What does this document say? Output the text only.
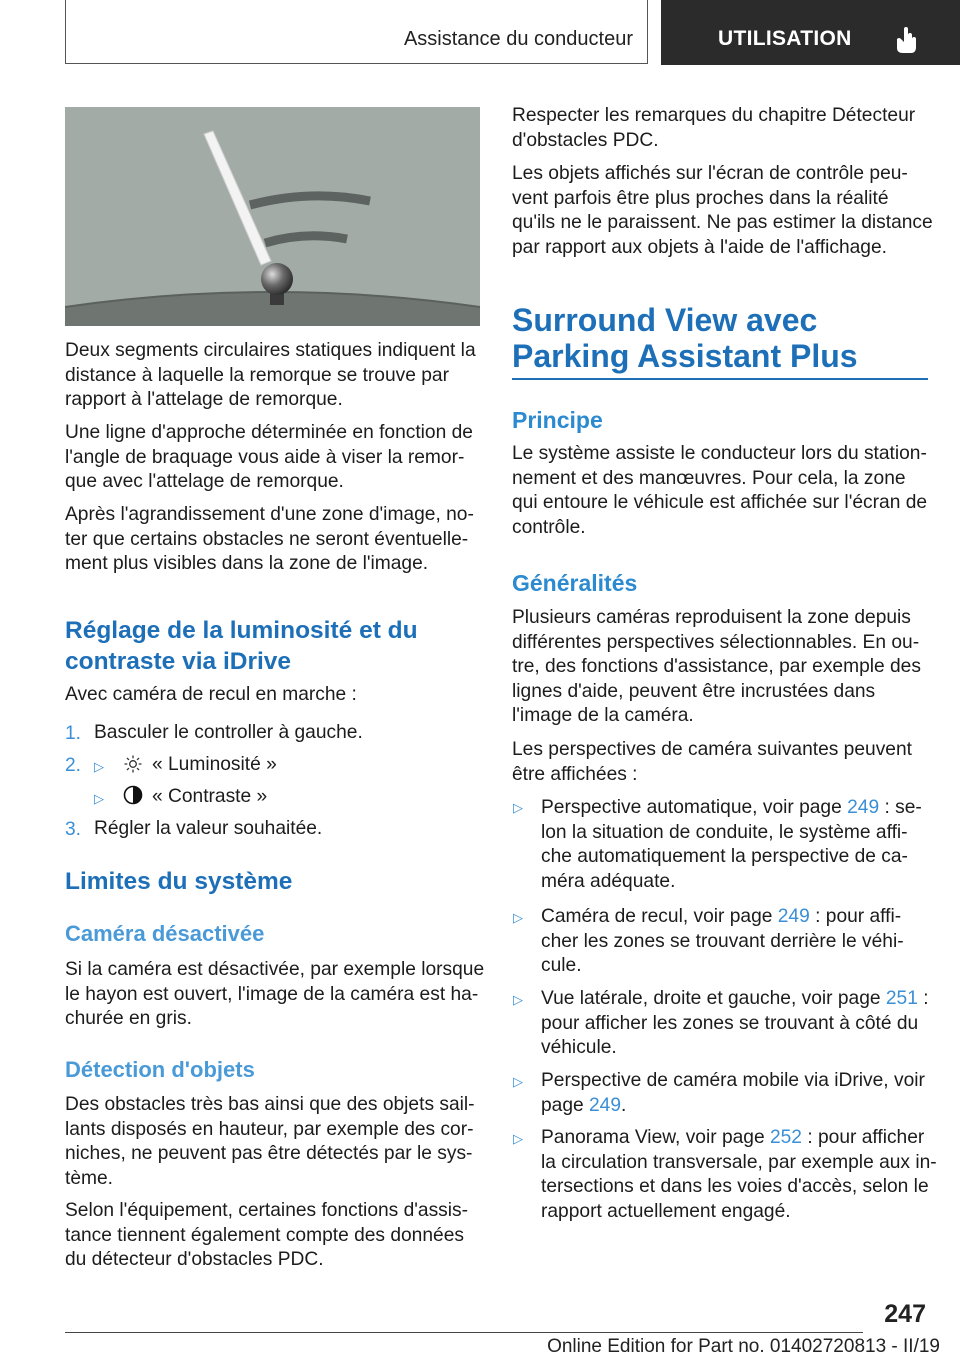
Assistance du conducteur	UTILISATION

Deux segments circulaires statiques indiquent la
distance à laquelle la remorque se trouve par
rapport à l'attelage de remorque.

Une ligne d'approche déterminée en fonction de
l'angle de braquage vous aide à viser la remor-
que avec l'attelage de remorque.

Après l'agrandissement d'une zone d'image, no-
ter que certains obstacles ne seront éventuelle-
ment plus visibles dans la zone de l'image.

Réglage de la luminosité et du
contraste via iDrive

Avec caméra de recul en marche :

1. Basculer le controller à gauche.
2. ▷	« Luminosité »
▷	« Contraste »
3. Régler la valeur souhaitée.
Limites du système
Caméra désactivée

Si la caméra est désactivée, par exemple lorsque
le hayon est ouvert, l'image de la caméra est ha-
churée en gris.

Détection d'objets

Des obstacles très bas ainsi que des objets sail-
lants disposés en hauteur, par exemple des cor-
niches, ne peuvent pas être détectés par le sys-
tème.

Selon l'équipement, certaines fonctions d'assis-
tance tiennent également compte des données
du détecteur d'obstacles PDC.

Respecter les remarques du chapitre Détecteur
d'obstacles PDC.

Les objets affichés sur l'écran de contrôle peu-
vent parfois être plus proches dans la réalité
qu'ils ne le paraissent. Ne pas estimer la distance
par rapport aux objets à l'aide de l'affichage.

Surround View avec
Parking Assistant Plus
Principe

Le système assiste le conducteur lors du station-
nement et des manœuvres. Pour cela, la zone
qui entoure le véhicule est affichée sur l'écran de
contrôle.

Généralités

Plusieurs caméras reproduisent la zone depuis
différentes perspectives sélectionnables. En ou-
tre, des fonctions d'assistance, par exemple des
lignes d'aide, peuvent être incrustées dans
l'image de la caméra.

Les perspectives de caméra suivantes peuvent
être affichées :

▷ Perspective automatique, voir page 249 : se-
lon la situation de conduite, le système affi-
che automatiquement la perspective de ca-
méra adéquate.

▷ Caméra de recul, voir page 249 : pour affi-
cher les zones se trouvant derrière le véhi-
cule.

▷ Vue latérale, droite et gauche, voir page 251 :
pour afficher les zones se trouvant à côté du
véhicule.

▷ Perspective de caméra mobile via iDrive, voir
page 249.

▷ Panorama View, voir page 252 : pour afficher
la circulation transversale, par exemple aux in-
tersections et dans les voies d'accès, selon le
rapport actuellement engagé.

247
Online Edition for Part no. 01402720813 - II/19
